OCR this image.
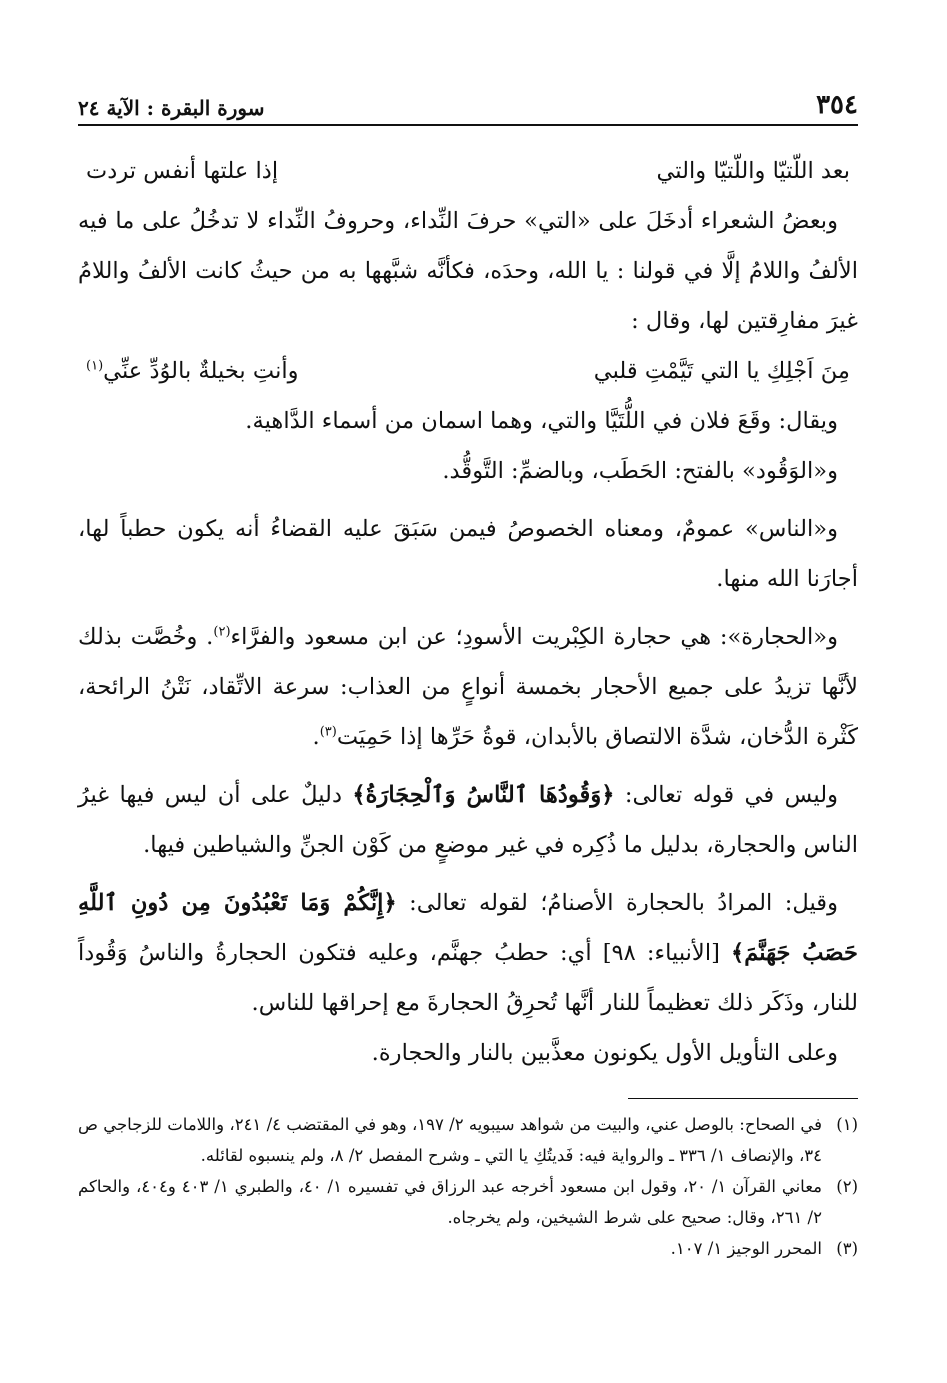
٣٥٤
سورة البقرة : الآية ٢٤
بعد اللّتيّا واللّتيّا والتي
إذا علتها أنفس تردت

وبعضُ الشعراء أدخَلَ على «التي» حرفَ النِّداء، وحروفُ النِّداء لا تدخُلُ على ما فيه الألفُ واللامُ إلَّا في قولنا : يا الله، وحدَه، فكأنَّه شبَّهها به من حيثُ كانت الألفُ واللامُ غيرَ مفارِقتين لها، وقال :

مِنَ اَجْلِكِ يا التي تَيَّمْتِ قلبي
وأنتِ بخيلةٌ بالوُدِّ عنِّي$^{(١)}$

ويقال: وقَعَ فلان في اللُّتَيَّا والتي، وهما اسمان من أسماء الدَّاهية.

و«الوَقُود» بالفتح: الحَطَب، وبالضمِّ: التَّوقُّد.

و«الناس» عمومٌ، ومعناه الخصوصُ فيمن سَبَقَ عليه القضاءُ أنه يكون حطباً لها، أجارَنا الله منها.

و«الحجارة»: هي حجارة الكِبْريت الأسودِ؛ عن ابن مسعود والفرَّاء$^{(٢)}$. وخُصَّت بذلك لأنَّها تزيدُ على جميع الأحجار بخمسة أنواعٍ من العذاب: سرعة الاتِّقاد، نَتْنُ الرائحة، كَثْرة الدُّخان، شدَّة الالتصاق بالأبدان، قوةُ حَرِّها إذا حَمِيَت$^{(٣)}$.

وليس في قوله تعالى: ﴿وَقُودُهَا ٱلنَّاسُ وَٱلْحِجَارَةُ﴾ دليلٌ على أن ليس فيها غيرُ الناس والحجارة، بدليل ما ذُكِره في غير موضعٍ من كَوْن الجنِّ والشياطين فيها.

وقيل: المرادُ بالحجارة الأصنامُ؛ لقوله تعالى: ﴿إِنَّكُمْ وَمَا تَعْبُدُونَ مِن دُونِ ٱللَّهِ حَصَبُ جَهَنَّمَ﴾ [الأنبياء: ٩٨] أي: حطبُ جهنَّم، وعليه فتكون الحجارةُ والناسُ وَقُوداً للنار، وذَكَر ذلك تعظيماً للنار أنَّها تُحرِقُ الحجارةَ مع إحراقها للناس.

وعلى التأويل الأول يكونون معذَّبين بالنار والحجارة.

(١)
في الصحاح: بالوصل عني، والبيت من شواهد سيبويه ٢/ ١٩٧، وهو في المقتضب ٤/ ٢٤١، واللامات للزجاجي ص ٣٤، والإنصاف ١/ ٣٣٦ ـ والرواية فيه: فَديتُكِ يا التي ـ وشرح المفصل ٢/ ٨، ولم ينسبوه لقائله.
(٢)
معاني القرآن ١/ ٢٠، وقول ابن مسعود أخرجه عبد الرزاق في تفسيره ١/ ٤٠، والطبري ١/ ٤٠٣ و٤٠٤، والحاكم ٢/ ٢٦١، وقال: صحيح على شرط الشيخين، ولم يخرجاه.
(٣)
المحرر الوجيز ١/ ١٠٧.
